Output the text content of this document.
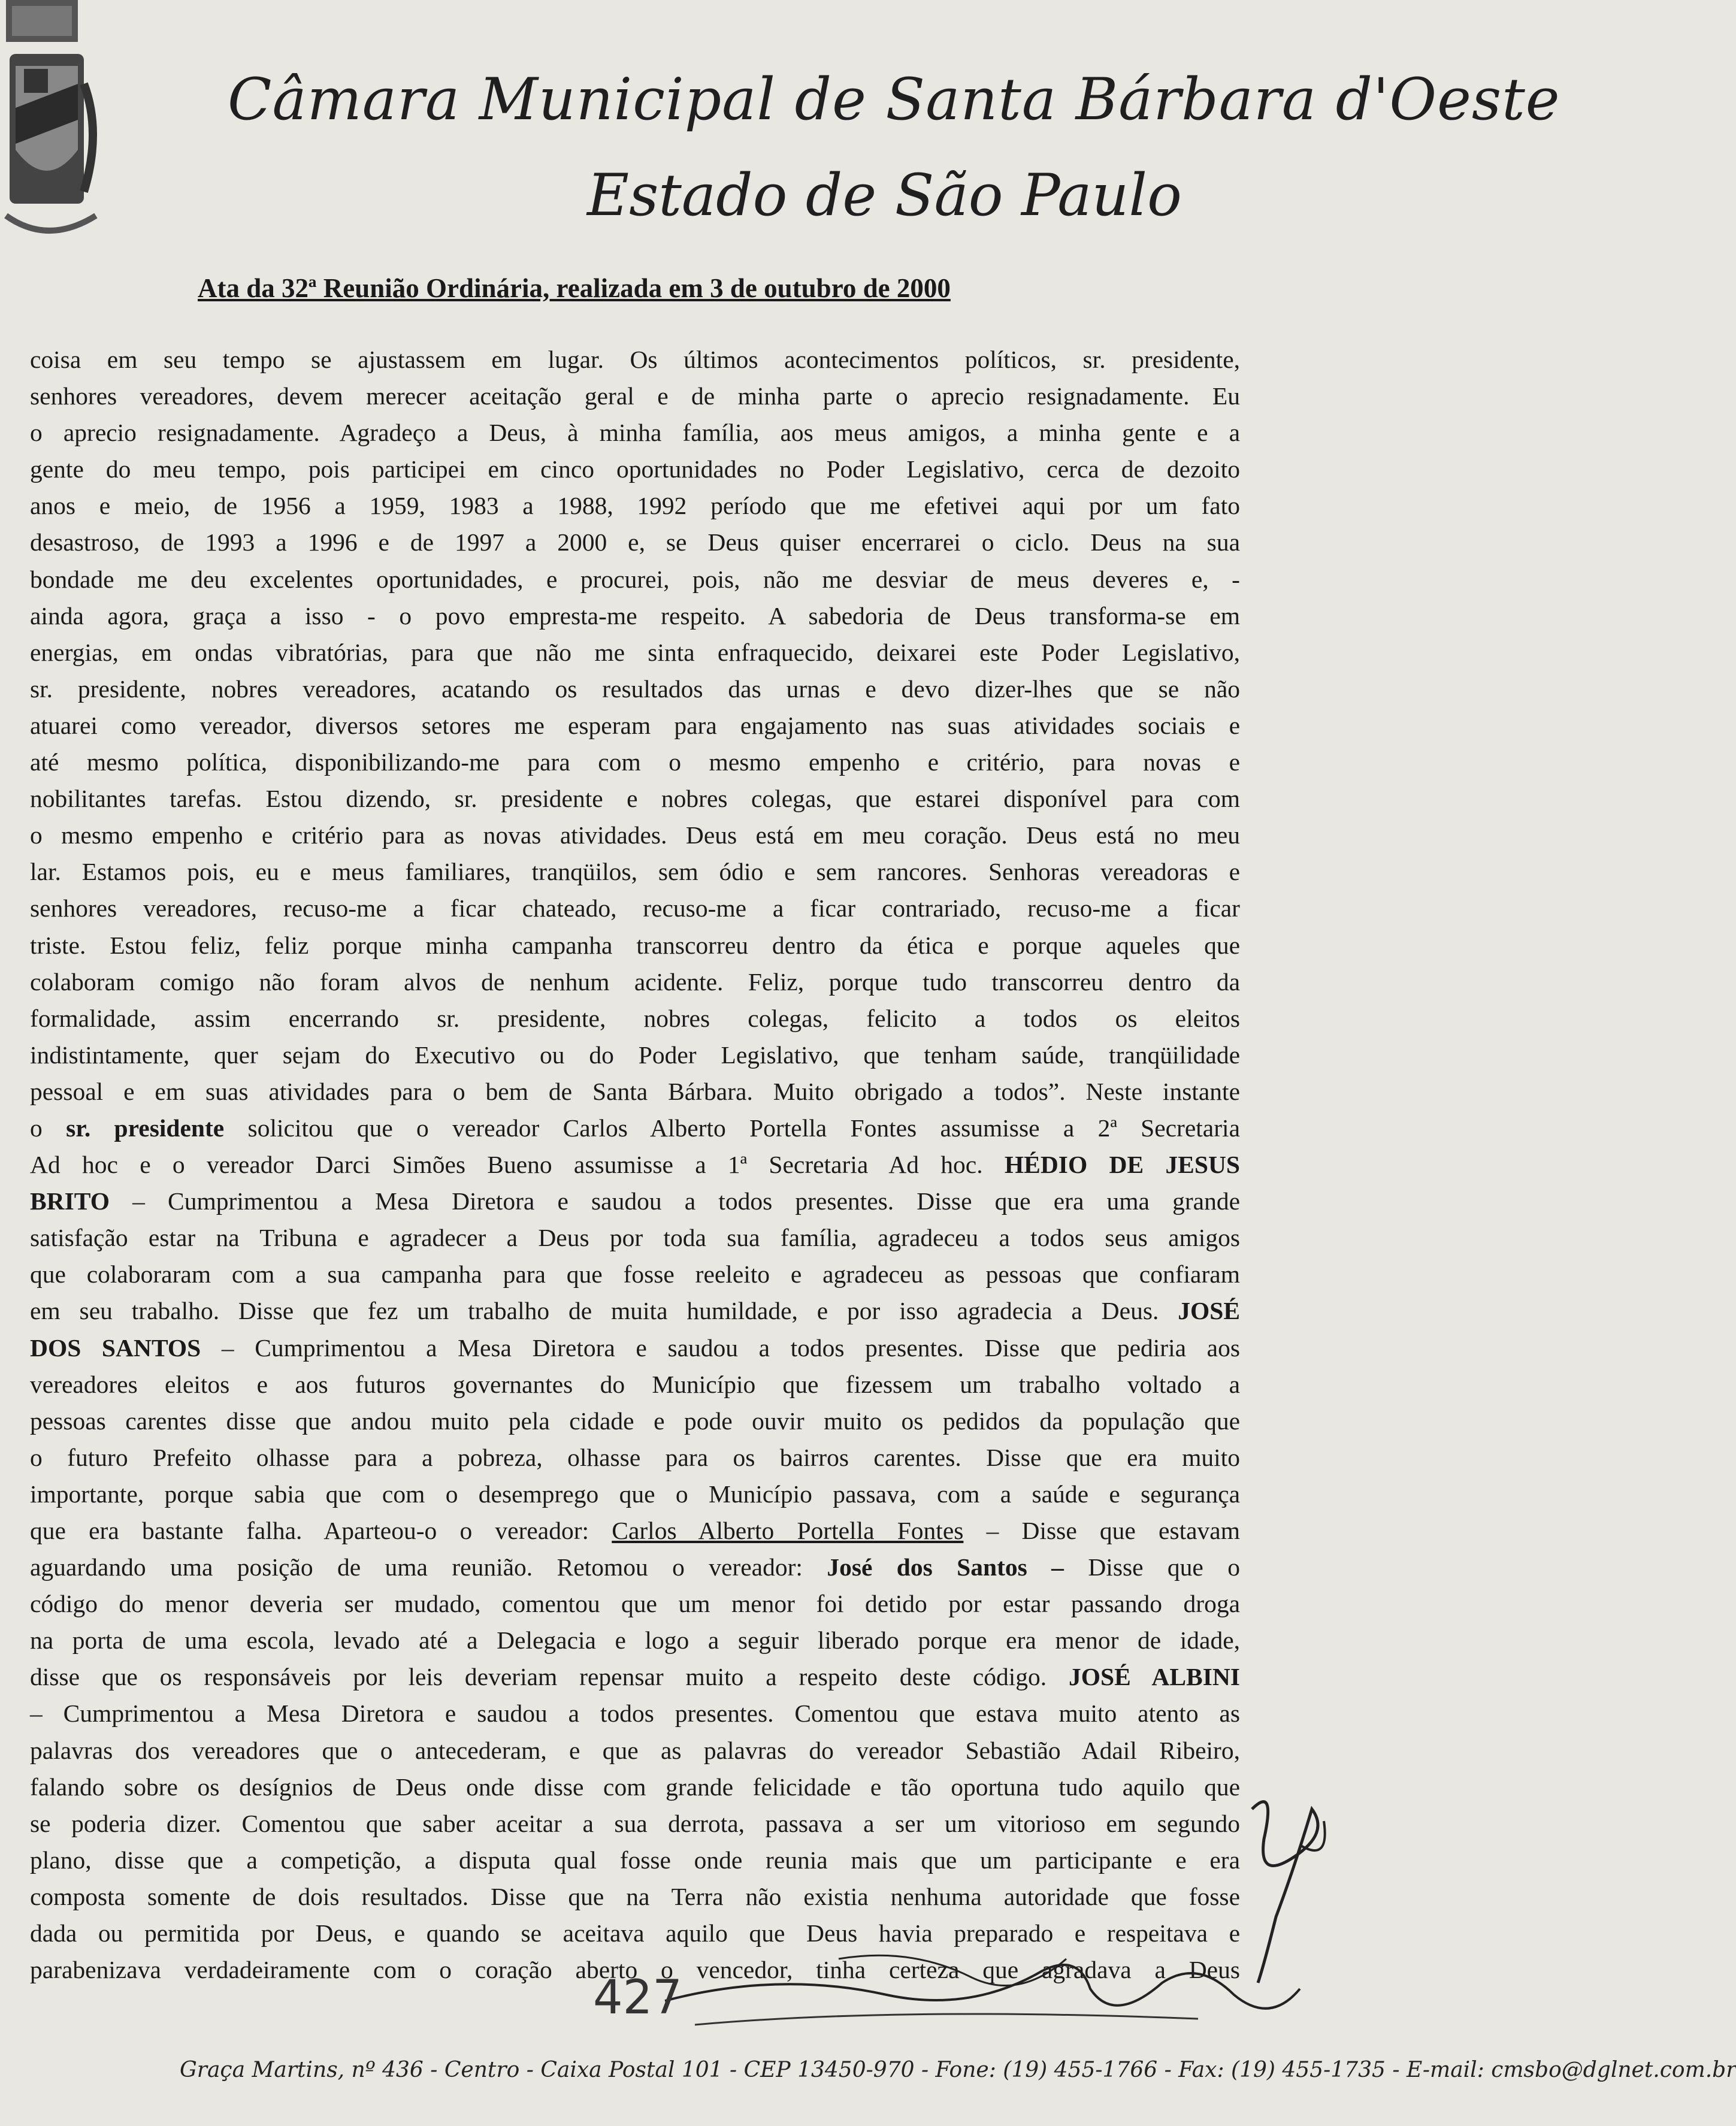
Câmara Municipal de Santa Bárbara d'Oeste
Estado de São Paulo
Ata da 32ª Reunião Ordinária, realizada em 3 de outubro de 2000
coisa em seu tempo se ajustassem em lugar. Os últimos acontecimentos políticos, sr. presidente,
senhores vereadores, devem merecer aceitação geral e de minha parte o aprecio resignadamente. Eu
o aprecio resignadamente. Agradeço a Deus, à minha família, aos meus amigos, a minha gente e a
gente do meu tempo, pois participei em cinco oportunidades no Poder Legislativo, cerca de dezoito
anos e meio, de 1956 a 1959, 1983 a 1988, 1992 período que me efetivei aqui por um fato
desastroso, de 1993 a 1996 e de 1997 a 2000 e, se Deus quiser encerrarei o ciclo. Deus na sua
bondade me deu excelentes oportunidades, e procurei, pois, não me desviar de meus deveres e, -
ainda agora, graça a isso - o povo empresta-me respeito. A sabedoria de Deus transforma-se em
energias, em ondas vibratórias, para que não me sinta enfraquecido, deixarei este Poder Legislativo,
sr. presidente, nobres vereadores, acatando os resultados das urnas e devo dizer-lhes que se não
atuarei como vereador, diversos setores me esperam para engajamento nas suas atividades sociais e
até mesmo política, disponibilizando-me para com o mesmo empenho e critério, para novas e
nobilitantes tarefas. Estou dizendo, sr. presidente e nobres colegas, que estarei disponível para com
o mesmo empenho e critério para as novas atividades. Deus está em meu coração. Deus está no meu
lar. Estamos pois, eu e meus familiares, tranqüilos, sem ódio e sem rancores. Senhoras vereadoras e
senhores vereadores, recuso-me a ficar chateado, recuso-me a ficar contrariado, recuso-me a ficar
triste. Estou feliz, feliz porque minha campanha transcorreu dentro da ética e porque aqueles que
colaboram comigo não foram alvos de nenhum acidente. Feliz, porque tudo transcorreu dentro da
formalidade, assim encerrando sr. presidente, nobres colegas, felicito a todos os eleitos
indistintamente, quer sejam do Executivo ou do Poder Legislativo, que tenham saúde, tranqüilidade
pessoal e em suas atividades para o bem de Santa Bárbara. Muito obrigado a todos”. Neste instante
o sr. presidente solicitou que o vereador Carlos Alberto Portella Fontes assumisse a 2ª Secretaria
Ad hoc e o vereador Darci Simões Bueno assumisse a 1ª Secretaria Ad hoc. HÉDIO DE JESUS
BRITO – Cumprimentou a Mesa Diretora e saudou a todos presentes. Disse que era uma grande
satisfação estar na Tribuna e agradecer a Deus por toda sua família, agradeceu a todos seus amigos
que colaboraram com a sua campanha para que fosse reeleito e agradeceu as pessoas que confiaram
em seu trabalho. Disse que fez um trabalho de muita humildade, e por isso agradecia a Deus. JOSÉ
DOS SANTOS – Cumprimentou a Mesa Diretora e saudou a todos presentes. Disse que pediria aos
vereadores eleitos e aos futuros governantes do Município que fizessem um trabalho voltado a
pessoas carentes disse que andou muito pela cidade e pode ouvir muito os pedidos da população que
o futuro Prefeito olhasse para a pobreza, olhasse para os bairros carentes. Disse que era muito
importante, porque sabia que com o desemprego que o Município passava, com a saúde e segurança
que era bastante falha. Aparteou-o o vereador: Carlos Alberto Portella Fontes – Disse que estavam
aguardando uma posição de uma reunião. Retomou o vereador: José dos Santos – Disse que o
código do menor deveria ser mudado, comentou que um menor foi detido por estar passando droga
na porta de uma escola, levado até a Delegacia e logo a seguir liberado porque era menor de idade,
disse que os responsáveis por leis deveriam repensar muito a respeito deste código. JOSÉ ALBINI
– Cumprimentou a Mesa Diretora e saudou a todos presentes. Comentou que estava muito atento as
palavras dos vereadores que o antecederam, e que as palavras do vereador Sebastião Adail Ribeiro,
falando sobre os desígnios de Deus onde disse com grande felicidade e tão oportuna tudo aquilo que
se poderia dizer. Comentou que saber aceitar a sua derrota, passava a ser um vitorioso em segundo
plano, disse que a competição, a disputa qual fosse onde reunia mais que um participante e era
composta somente de dois resultados. Disse que na Terra não existia nenhuma autoridade que fosse
dada ou permitida por Deus, e quando se aceitava aquilo que Deus havia preparado e respeitava e
parabenizava verdadeiramente com o coração aberto o vencedor, tinha certeza que agradava a Deus
427
Graça Martins, nº 436 - Centro - Caixa Postal 101 - CEP 13450-970 - Fone: (19) 455-1766 - Fax: (19) 455-1735 - E-mail: cmsbo@dglnet.com.br
